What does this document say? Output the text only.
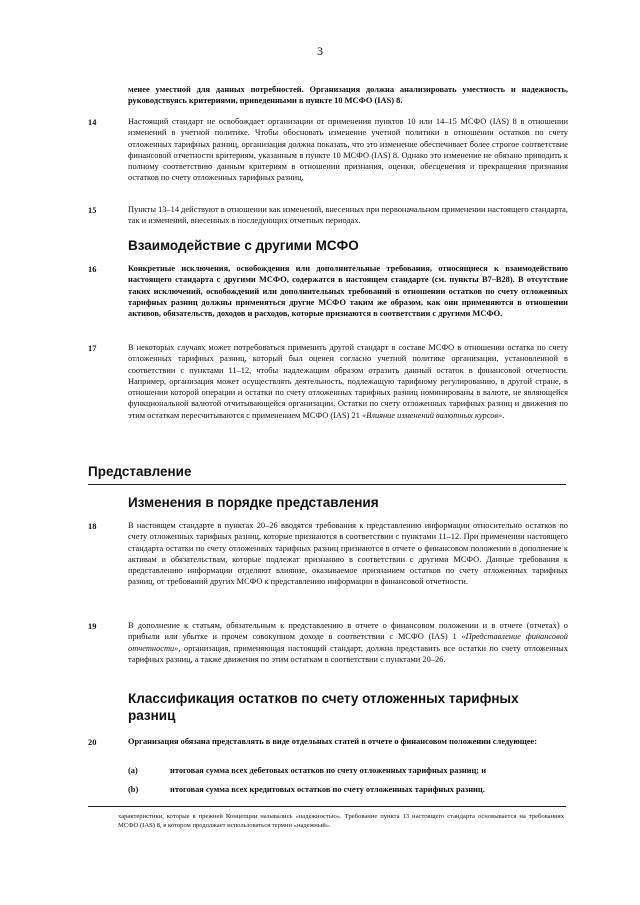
3
менее уместной для данных потребностей. Организация должна анализировать уместность и надежность, руководствуясь критериями, приведенными в пункте 10 МСФО (IAS) 8.
14	Настоящий стандарт не освобождает организации от применения пунктов 10 или 14–15 МСФО (IAS) 8 в отношении изменений в учетной политике. Чтобы обосновать изменение учетной политики в отношении остатков по счету отложенных тарифных разниц, организация должна показать, что это изменение обеспечивает более строгое соответствие финансовой отчетности критериям, указанным в пункте 10 МСФО (IAS) 8. Однако это изменение не обязано приводить к полному соответствию данным критериям в отношении признания, оценки, обесценения и прекращения признания остатков по счету отложенных тарифных разниц.
15	Пункты 13–14 действуют в отношении как изменений, внесенных при первоначальном применении настоящего стандарта, так и изменений, внесенных в последующих отчетных периодах.
Взаимодействие с другими МСФО
16	Конкретные исключения, освобождения или дополнительные требования, относящиеся к взаимодействию настоящего стандарта с другими МСФО, содержатся в настоящем стандарте (см. пункты B7–B28). В отсутствие таких исключений, освобождений или дополнительных требований в отношении остатков по счету отложенных тарифных разниц должны применяться другие МСФО таким же образом, как они применяются в отношении активов, обязательств, доходов и расходов, которые признаются в соответствии с другими МСФО.
17	В некоторых случаях может потребоваться применить другой стандарт в составе МСФО в отношении остатка по счету отложенных тарифных разниц, который был оценен согласно учетной политике организации, установленной в соответствии с пунктами 11–12, чтобы надлежащим образом отразить данный остаток в финансовой отчетности. Например, организация может осуществлять деятельность, подлежащую тарифному регулированию, в другой стране, в отношении которой операции и остатки по счету отложенных тарифных разниц номинированы в валюте, не являющейся функциональной валютой отчитывающейся организации. Остатки по счету отложенных тарифных разниц и движения по этим остаткам пересчитываются с применением МСФО (IAS) 21 «Влияние изменений валютных курсов».
Представление
Изменения в порядке представления
18	В настоящем стандарте в пунктах 20–26 вводятся требования к представлению информации относительно остатков по счету отложенных тарифных разниц, которые признаются в соответствии с пунктами 11–12. При применении настоящего стандарта остатки по счету отложенных тарифных разниц признаются в отчете о финансовом положении в дополнение к активам и обязательствам, которые подлежат признанию в соответствии с другими МСФО. Данные требования к представлению информации отделяют влияние, оказываемое признанием остатков по счету отложенных тарифных разниц, от требований других МСФО к представлению информации в финансовой отчетности.
19	В дополнение к статьям, обязательным к представлению в отчете о финансовом положении и в отчете (отчетах) о прибыли или убытке и прочем совокупном доходе в соответствии с МСФО (IAS) 1 «Представление финансовой отчетности», организация, применяющая настоящий стандарт, должна представить все остатки по счету отложенных тарифных разниц, а также движения по этим остаткам в соответствии с пунктами 20–26.
Классификация остатков по счету отложенных тарифных разниц
20	Организация обязана представлять в виде отдельных статей в отчете о финансовом положении следующее:
(a)	итоговая сумма всех дебетовых остатков по счету отложенных тарифных разниц; и
(b)	итоговая сумма всех кредитовых остатков по счету отложенных тарифных разниц.
характеристики, которые в прежней Концепции назывались «надежностью». Требование пункта 13 настоящего стандарта основывается на требованиях МСФО (IAS) 8, в котором продолжает использоваться термин «надежный».
